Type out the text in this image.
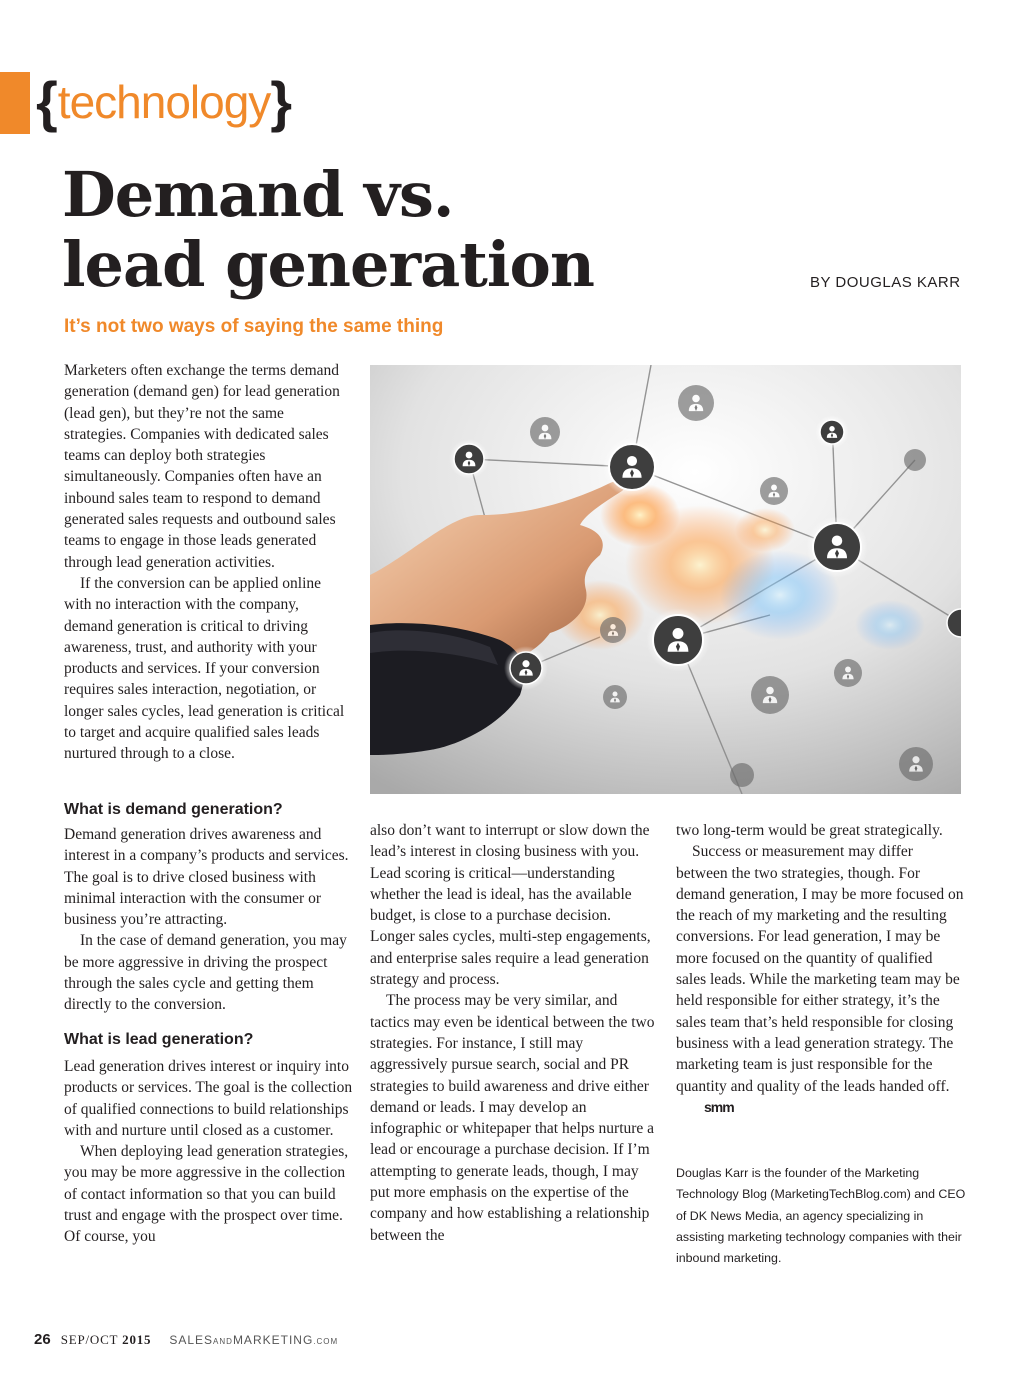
{technology}
Demand vs.
lead generation	BY DOUGLAS KARR
It’s not two ways of saying the same thing

Marketers often exchange the terms demand generation (demand gen) for lead generation (lead gen), but they’re not the same strategies. Companies with dedicated sales teams can deploy both strategies simultaneously. Companies often have an inbound sales team to respond to demand generated sales requests and outbound sales teams to engage in those leads generated through lead generation activities.

If the conversion can be applied online with no interaction with the company, demand generation is critical to driving awareness, trust, and authority with your products and services. If your conversion requires sales interaction, negotiation, or longer sales cycles, lead generation is critical to target and acquire qualified sales leads nurtured through to a close.

What is demand generation?

Demand generation drives awareness and interest in a company’s products and services. The goal is to drive closed business with minimal interaction with the consumer or business you’re attracting.

In the case of demand generation, you may be more aggressive in driving the prospect through the sales cycle and getting them directly to the conversion.

What is lead generation?

Lead generation drives interest or inquiry into products or services. The goal is the collection of qualified connections to build relationships with and nurture until closed as a customer.

When deploying lead generation strategies, you may be more aggressive in the collection of contact information so that you can build trust and engage with the prospect over time. Of course, you

also don’t want to interrupt or slow down the lead’s interest in closing business with you. Lead scoring is critical—understanding whether the lead is ideal, has the available budget, is close to a purchase decision. Longer sales cycles, multi-step engagements, and enterprise sales require a lead generation strategy and process.

The process may be very similar, and tactics may even be identical between the two strategies. For instance, I still may aggressively pursue search, social and PR strategies to build awareness and drive either demand or leads. I may develop an infographic or whitepaper that helps nurture a lead or encourage a purchase decision. If I’m attempting to generate leads, though, I may put more emphasis on the expertise of the company and how establishing a relationship between the

two long-term would be great strategically.

Success or measurement may differ between the two strategies, though. For demand generation, I may be more focused on the reach of my marketing and the resulting conversions. For lead generation, I may be more focused on the quantity of qualified sales leads. While the marketing team may be held responsible for either strategy, it’s the sales team that’s held responsible for closing business with a lead generation strategy. The marketing team is just responsible for the quantity and quality of the leads handed off.smm

Douglas Karr is the founder of the Marketing Technology Blog (MarketingTechBlog.com) and CEO of DK News Media, an agency specializing in assisting marketing technology companies with their inbound marketing.
26 SEP/OCT 2015 SALESANDMARKETING.COM
